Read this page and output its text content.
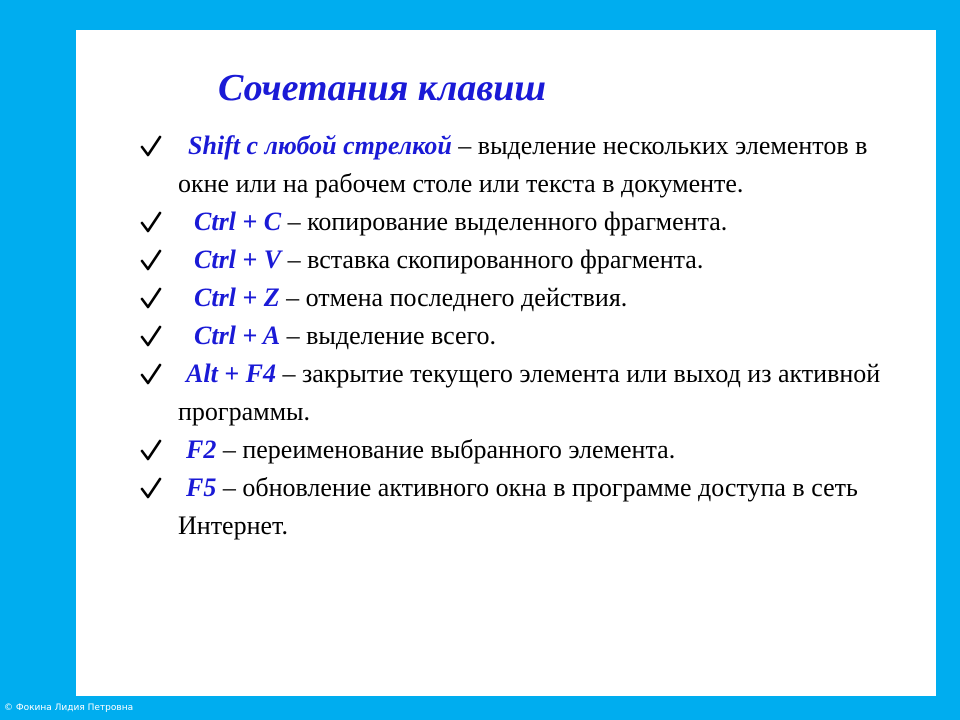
Сочетания клавиш
Shift с любой стрелкой – выделение нескольких элементов в окне или на рабочем столе или текста в документе.
Ctrl + C – копирование выделенного фрагмента.
Ctrl + V – вставка скопированного фрагмента.
Ctrl + Z – отмена последнего действия.
Ctrl + A – выделение всего.
Alt + F4 – закрытие текущего элемента или выход из активной программы.
F2 – переименование выбранного элемента.
F5 – обновление активного окна в программе доступа в сеть Интернет.
© Фокина Лидия Петровна
